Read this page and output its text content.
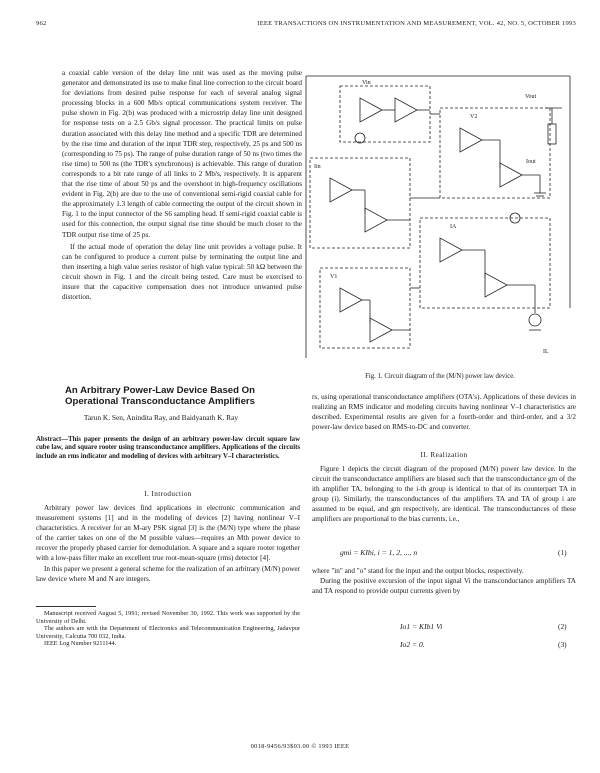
962	IEEE TRANSACTIONS ON INSTRUMENTATION AND MEASUREMENT, VOL. 42, NO. 5, OCTOBER 1993

a coaxial cable version of the delay line unit was used as the moving pulse generator and demonstrated its use to make final line correction to the circuit board for deviations from desired pulse response for each of several analog signal processing blocks in a 600 Mb/s optical communications system receiver. The pulse shown in Fig. 2(b) was produced with a microstrip delay line unit designed for response tests on a 2.5 Gb/s signal processor. The practical limits on pulse duration associated with this delay line method and a specific TDR are determined by the rise time and duration of the input TDR step, respectively, 25 ps and 500 ns (corresponding to 75 ps). The range of pulse duration range of 50 ns (two times the rise time) to 500 ns (the TDR's synchronous) is achievable. This range of duration corresponds to a bit rate range of all links to 2 Mb/s, respectively. It is apparent that the rise time of about 50 ps and the overshoot in high-frequency oscillations evident in Fig. 2(b) are due to the use of conventional semi-rigid coaxial cable for the approximately 1.3 length of cable connecting the output of the circuit shown in Fig. 1 to the input connector of the S6 sampling head. If semi-rigid coaxial cable is used for this connection, the output signal rise time should be much closer to the TDR output rise time of 25 ps.

If the actual mode of operation the delay line unit provides a voltage pulse. It can be configured to produce a current pulse by terminating the output line and then inserting a high value series resistor of high value typical: 50 kΩ between the circuit shown in Fig. 1 and the circuit being tested. Care must be exercised to insure that the capacitive compensation does not introduce unwanted pulse distortion.

Vin
Vout
Iin
Iout
IL
IA
V1
V2
Fig. 1. Circuit diagram of the (M/N) power law device.
An Arbitrary Power-Law Device Based On Operational Transconductance Amplifiers
Tarun K. Sen, Anindita Ray, and Baidyanath K. Ray
Abstract—This paper presents the design of an arbitrary power-law circuit square law cube law, and square rooter using transconductance amplifiers. Applications of the circuits include an rms indicator and modeling of devices with arbitrary V–I characteristics.
I. Introduction

Arbitrary power law devices find applications in electronic communication and measurement systems [1] and in the modeling of devices [2] having nonlinear V–I characteristics. A receiver for an M-ary PSK signal [3] is the (M/N) type where the phase of the carrier takes on one of the M possible values—requires an Mth power device to recover the properly phased carrier for demodulation. A square and a square rooter together with a low-pass filter make an excellent true root-mean-square (rms) detector [4].

In this paper we present a general scheme for the realization of an arbitrary (M/N) power law device where M and N are integers.

Manuscript received August 5, 1991; revised November 30, 1992. This work was supported by the University of Delhi.

The authors are with the Department of Electronics and Telecommunication Engineering, Jadavpur University, Calcutta 700 032, India.

IEEE Log Number 9211144.

rs, using operational transconductance amplifiers (OTA's). Applications of these devices in realizing an RMS indicator and modeling circuits having nonlinear V–I characteristics are described. Experimental results are given for a fourth-order and third-order, and a 3/2 power-law device based on RMS-to-DC and converter.

II. Realization

Figure 1 depicts the circuit diagram of the proposed (M/N) power law device. In the circuit the transconductance amplifiers are biased such that the transconductance gm of the ith amplifier TA, belonging to the i-th group is identical to that of its counterpart TA in group (i). Similarly, the transconductances of the amplifiers TA and TA of group i are assumed to be equal, and gm respectively, are identical. The transconductances of these amplifiers are proportional to the bias currents, i.e.,

gmi = KIbi, i = 1, 2, ..., n	(1)

where "in" and "o" stand for the input and the output blocks, respectively.

During the positive excursion of the input signal Vi the transconductance amplifiers TA and TA respond to provide output currents given by

Io1 = KIb1 Vi	(2)
Io2 = 0.	(3)
0018-9456/93$03.00 © 1993 IEEE
